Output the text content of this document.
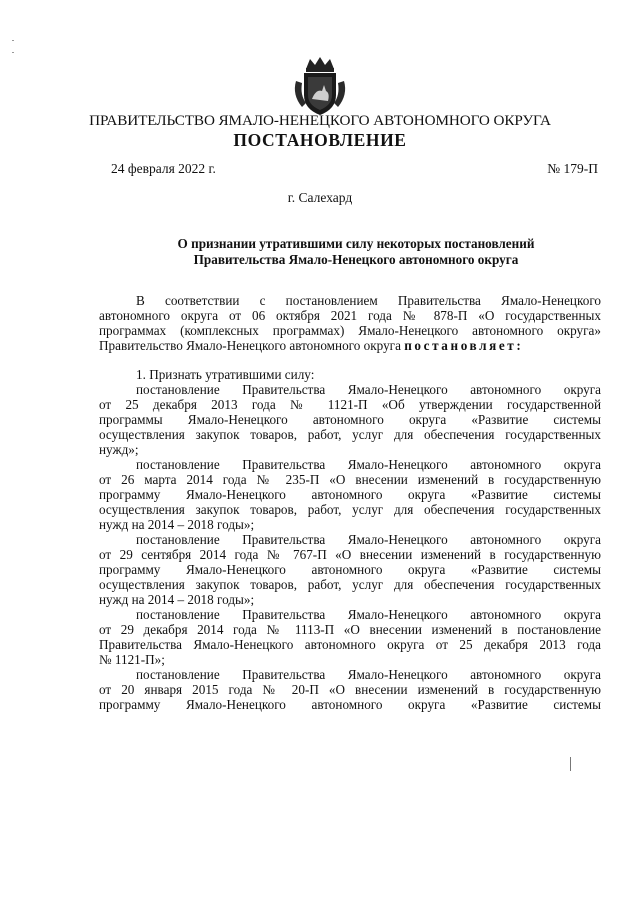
ПРАВИТЕЛЬСТВО ЯМАЛО-НЕНЕЦКОГО АВТОНОМНОГО ОКРУГА
ПОСТАНОВЛЕНИЕ
24 февраля 2022 г.	№ 179-П
г. Салехард
О признании утратившими силу некоторых постановлений
Правительства Ямало-Ненецкого автономного округа
В соответствии с постановлением Правительства Ямало-Ненецкого
автономного округа от 06 октября 2021 года № 878-П «О государственных
программах (комплексных программах) Ямало-Ненецкого автономного округа»
Правительство Ямало-Ненецкого автономного округа постановляет:
1. Признать утратившими силу:
постановление Правительства Ямало-Ненецкого автономного округа
от 25 декабря 2013 года № 1121-П «Об утверждении государственной
программы Ямало-Ненецкого автономного округа «Развитие системы
осуществления закупок товаров, работ, услуг для обеспечения государственных
нужд»;
постановление Правительства Ямало-Ненецкого автономного округа
от 26 марта 2014 года № 235-П «О внесении изменений в государственную
программу Ямало-Ненецкого автономного округа «Развитие системы
осуществления закупок товаров, работ, услуг для обеспечения государственных
нужд на 2014 – 2018 годы»;
постановление Правительства Ямало-Ненецкого автономного округа
от 29 сентября 2014 года № 767-П «О внесении изменений в государственную
программу Ямало-Ненецкого автономного округа «Развитие системы
осуществления закупок товаров, работ, услуг для обеспечения государственных
нужд на 2014 – 2018 годы»;
постановление Правительства Ямало-Ненецкого автономного округа
от 29 декабря 2014 года № 1113-П «О внесении изменений в постановление
Правительства Ямало-Ненецкого автономного округа от 25 декабря 2013 года
№ 1121-П»;
постановление Правительства Ямало-Ненецкого автономного округа
от 20 января 2015 года № 20-П «О внесении изменений в государственную
программу Ямало-Ненецкого автономного округа «Развитие системы
